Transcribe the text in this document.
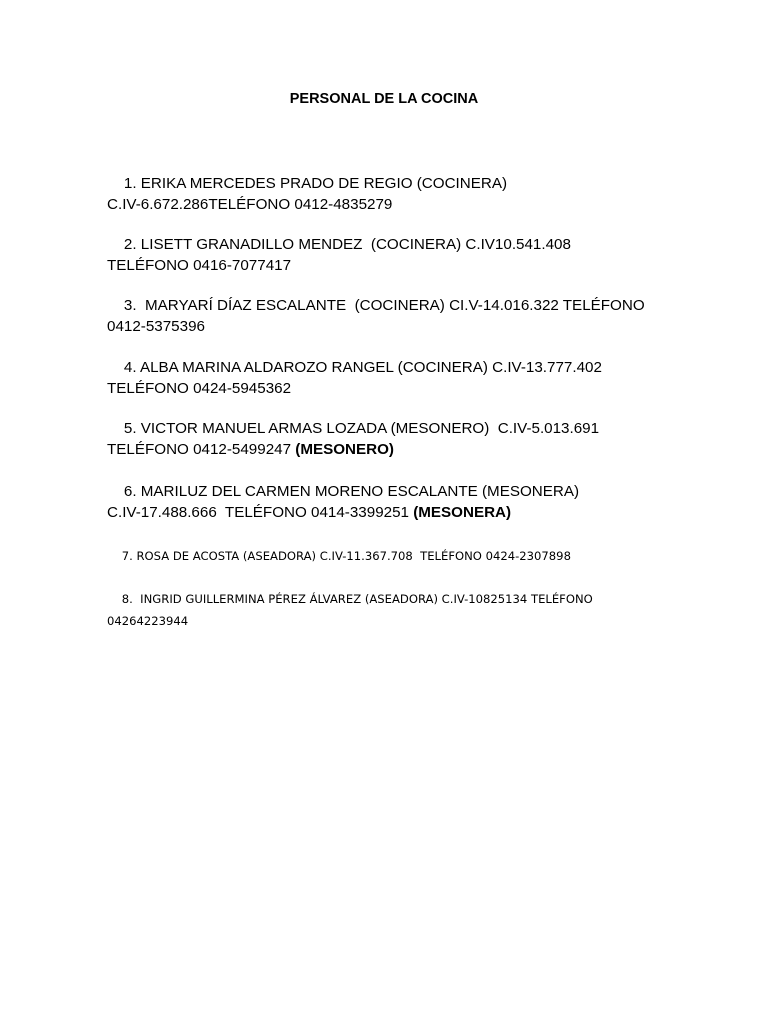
PERSONAL DE LA COCINA

1. ERIKA MERCEDES PRADO DE REGIO (COCINERA)     C.IV-6.672.286TELÉFONO 0412-4835279

2. LISETT GRANADILLO MENDEZ  (COCINERA) C.IV10.541.408 TELÉFONO 0416-7077417

3.  MARYARÍ DÍAZ ESCALANTE  (COCINERA) CI.V-14.016.322 TELÉFONO 0412-5375396

4. ALBA MARINA ALDAROZO RANGEL (COCINERA) C.IV-13.777.402 TELÉFONO 0424-5945362

5. VICTOR MANUEL ARMAS LOZADA (MESONERO)  C.IV-5.013.691 TELÉFONO 0412-5499247 (MESONERO)

6. MARILUZ DEL CARMEN MORENO ESCALANTE (MESONERA) C.IV-17.488.666  TELÉFONO 0414-3399251 (MESONERA)

7. ROSA DE ACOSTA (ASEADORA) C.IV-11.367.708  TELÉFONO 0424-2307898

8.  INGRID GUILLERMINA PÉREZ ÁLVAREZ (ASEADORA) C.IV-10825134 TELÉFONO 04264223944
